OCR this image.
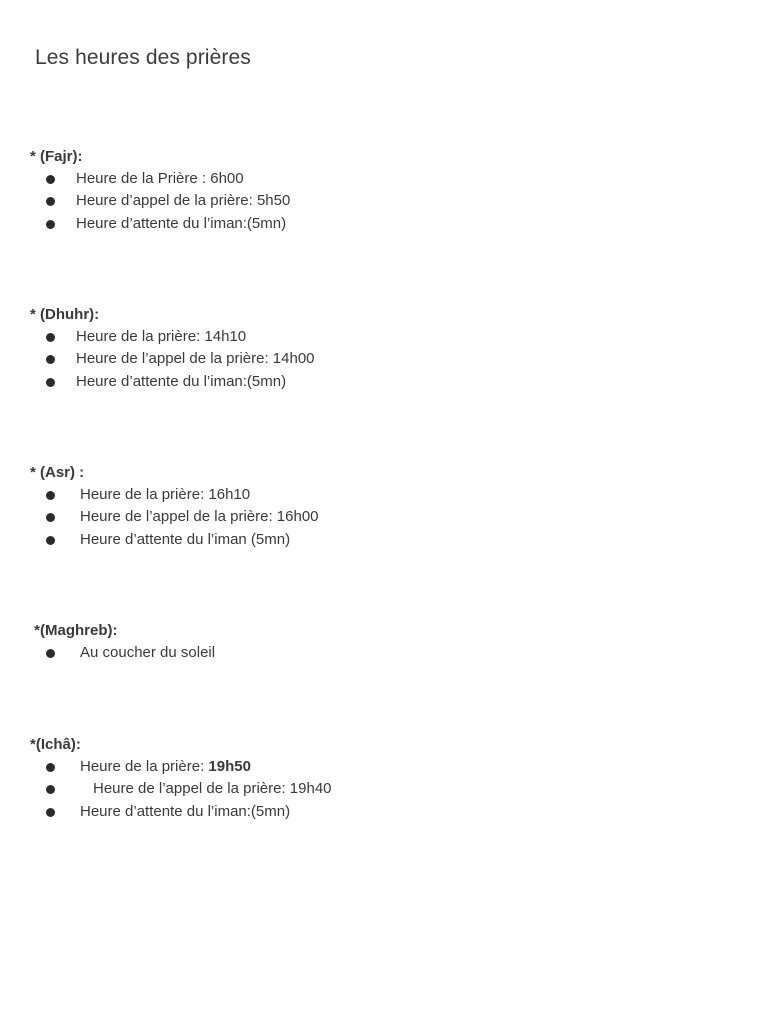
Les heures des prières
* (Fajr):
Heure de la Prière : 6h00
Heure d’appel de la prière: 5h50
Heure d’attente du l’iman:(5mn)
* (Dhuhr):
Heure de la prière: 14h10
Heure de l’appel de la prière: 14h00
Heure d’attente du l’iman:(5mn)
* (Asr) :
Heure de la prière: 16h10
Heure de l’appel de la prière: 16h00
Heure d’attente du l’iman (5mn)
*(Maghreb):
Au coucher du soleil
*(Ichâ):
Heure de la prière: 19h50
Heure de l’appel de la prière: 19h40
Heure d’attente du l’iman:(5mn)
